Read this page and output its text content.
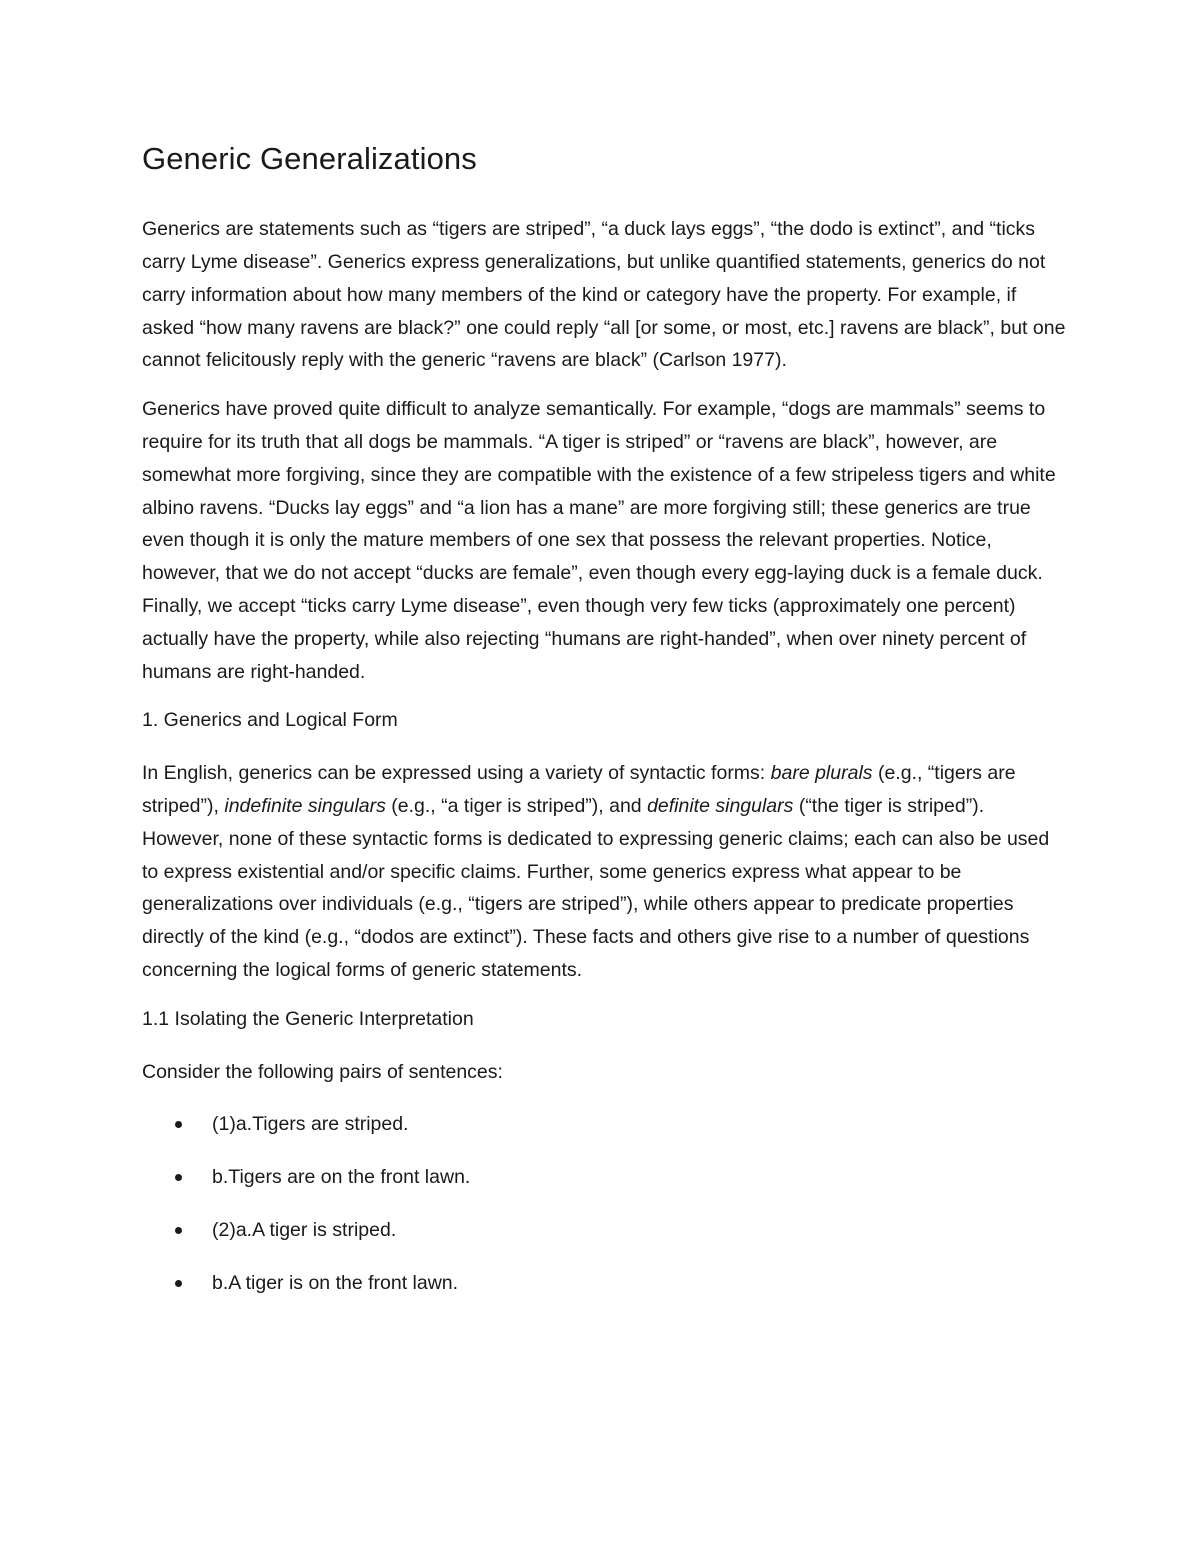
Generic Generalizations

Generics are statements such as “tigers are striped”, “a duck lays eggs”, “the dodo is extinct”, and “ticks carry Lyme disease”. Generics express generalizations, but unlike quantified statements, generics do not carry information about how many members of the kind or category have the property. For example, if asked “how many ravens are black?” one could reply “all [or some, or most, etc.] ravens are black”, but one cannot felicitously reply with the generic “ravens are black” (Carlson 1977).

Generics have proved quite difficult to analyze semantically. For example, “dogs are mammals” seems to require for its truth that all dogs be mammals. “A tiger is striped” or “ravens are black”, however, are somewhat more forgiving, since they are compatible with the existence of a few stripeless tigers and white albino ravens. “Ducks lay eggs” and “a lion has a mane” are more forgiving still; these generics are true even though it is only the mature members of one sex that possess the relevant properties. Notice, however, that we do not accept “ducks are female”, even though every egg-laying duck is a female duck. Finally, we accept “ticks carry Lyme disease”, even though very few ticks (approximately one percent) actually have the property, while also rejecting “humans are right-handed”, when over ninety percent of humans are right-handed.

1. Generics and Logical Form

In English, generics can be expressed using a variety of syntactic forms: bare plurals (e.g., “tigers are striped”), indefinite singulars (e.g., “a tiger is striped”), and definite singulars (“the tiger is striped”). However, none of these syntactic forms is dedicated to expressing generic claims; each can also be used to express existential and/or specific claims. Further, some generics express what appear to be generalizations over individuals (e.g., “tigers are striped”), while others appear to predicate properties directly of the kind (e.g., “dodos are extinct”). These facts and others give rise to a number of questions concerning the logical forms of generic statements.

1.1 Isolating the Generic Interpretation
Consider the following pairs of sentences:
(1)a.Tigers are striped.
b.Tigers are on the front lawn.
(2)a.A tiger is striped.
b.A tiger is on the front lawn.
